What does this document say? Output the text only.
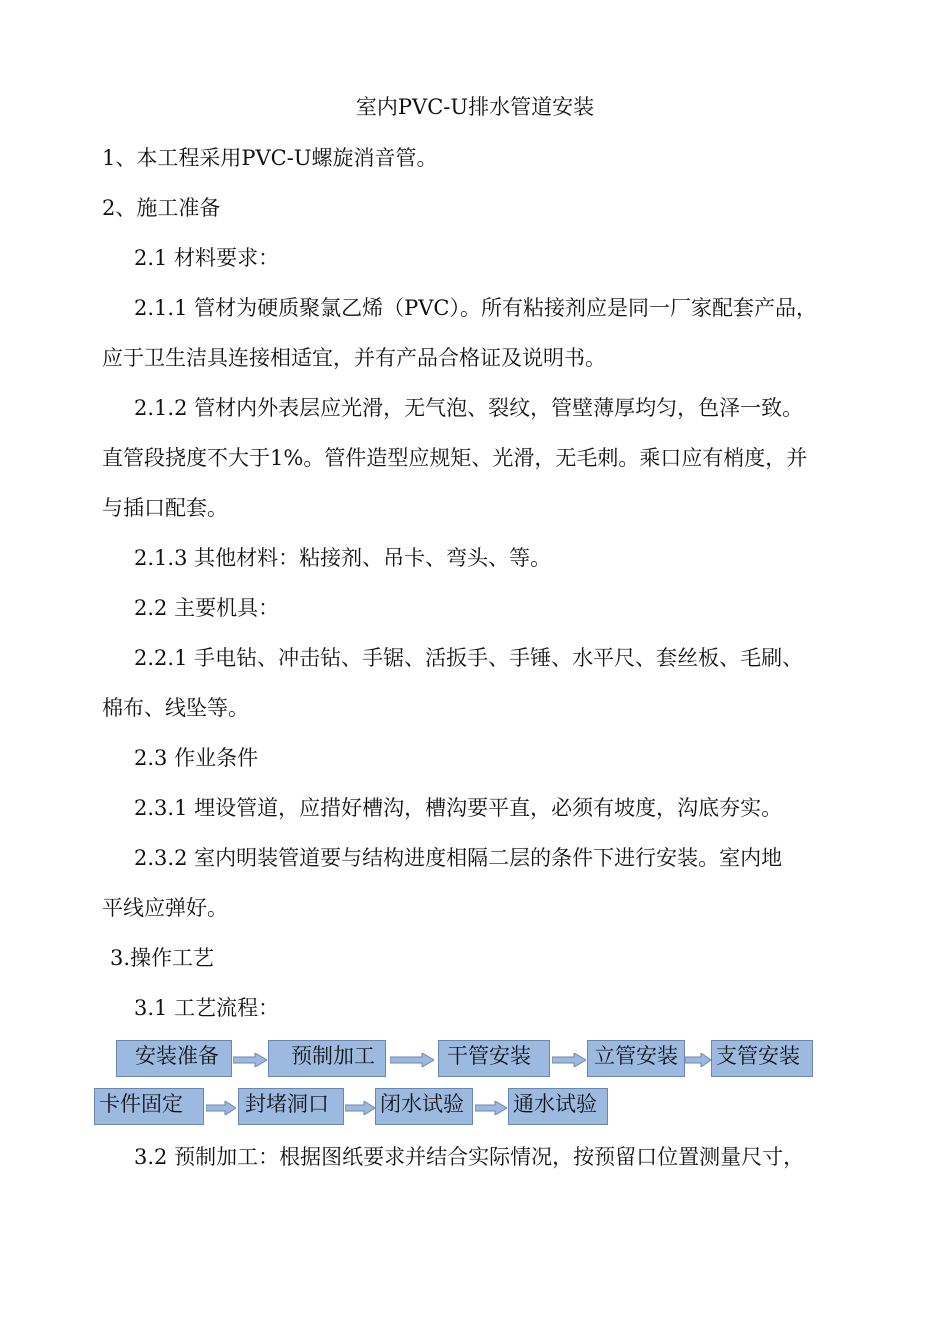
室内PVC-U排水管道安装
1、本工程采用PVC-U螺旋消音管。
2、施工准备
2.1 材料要求：
2.1.1 管材为硬质聚氯乙烯（PVC）。所有粘接剂应是同一厂家配套产品，
应于卫生洁具连接相适宜，并有产品合格证及说明书。
2.1.2 管材内外表层应光滑，无气泡、裂纹，管壁薄厚均匀，色泽一致。
直管段挠度不大于1%。管件造型应规矩、光滑，无毛刺。乘口应有梢度，并
与插口配套。
2.1.3 其他材料：粘接剂、吊卡、弯头、等。
2.2 主要机具：
2.2.1 手电钻、冲击钻、手锯、活扳手、手锤、水平尺、套丝板、毛刷、
棉布、线坠等。
2.3 作业条件
2.3.1 埋设管道，应措好槽沟，槽沟要平直，必须有坡度，沟底夯实。
2.3.2 室内明装管道要与结构进度相隔二层的条件下进行安装。室内地
平线应弹好。
3.操作工艺
3.1 工艺流程：
安装准备	预制加工	干管安装	立管安装	支管安装
卡件固定	封堵洞口	闭水试验	通水试验
3.2 预制加工：根据图纸要求并结合实际情况，按预留口位置测量尺寸，
